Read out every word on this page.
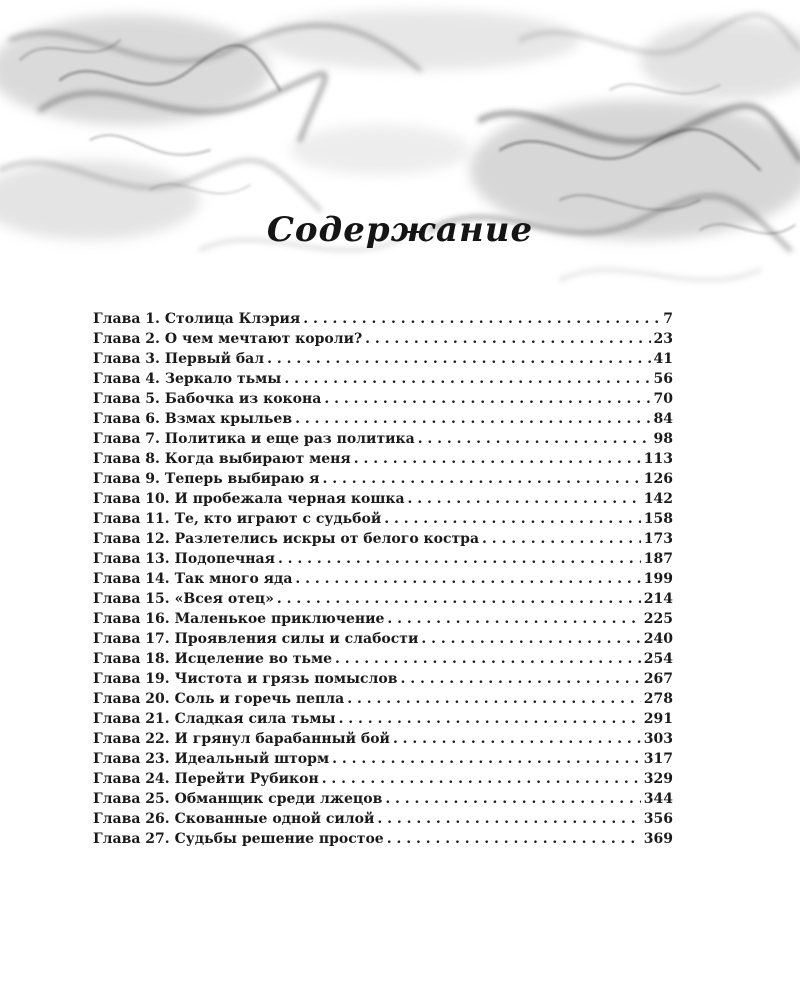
Содержание
Глава 1. Столица Клэрия . . .	7
Глава 2. О чем мечтают короли? . . .	23
Глава 3. Первый бал . . .	41
Глава 4. Зеркало тьмы . . .	56
Глава 5. Бабочка из кокона . . .	70
Глава 6. Взмах крыльев . . .	84
Глава 7. Политика и еще раз политика . . .	98
Глава 8. Когда выбирают меня . . .	113
Глава 9. Теперь выбираю я . . .	126
Глава 10. И пробежала черная кошка . . .	142
Глава 11. Те, кто играют с судьбой . . .	158
Глава 12. Разлетелись искры от белого костра . . .	173
Глава 13. Подопечная . . .	187
Глава 14. Так много яда . . .	199
Глава 15. «Всея отец» . . .	214
Глава 16. Маленькое приключение . . .	225
Глава 17. Проявления силы и слабости . . .	240
Глава 18. Исцеление во тьме . . .	254
Глава 19. Чистота и грязь помыслов . . .	267
Глава 20. Соль и горечь пепла . . .	278
Глава 21. Сладкая сила тьмы . . .	291
Глава 22. И грянул барабанный бой . . .	303
Глава 23. Идеальный шторм . . .	317
Глава 24. Перейти Рубикон . . .	329
Глава 25. Обманщик среди лжецов . . .	344
Глава 26. Скованные одной силой . . .	356
Глава 27. Судьбы решение простое . . .	369
